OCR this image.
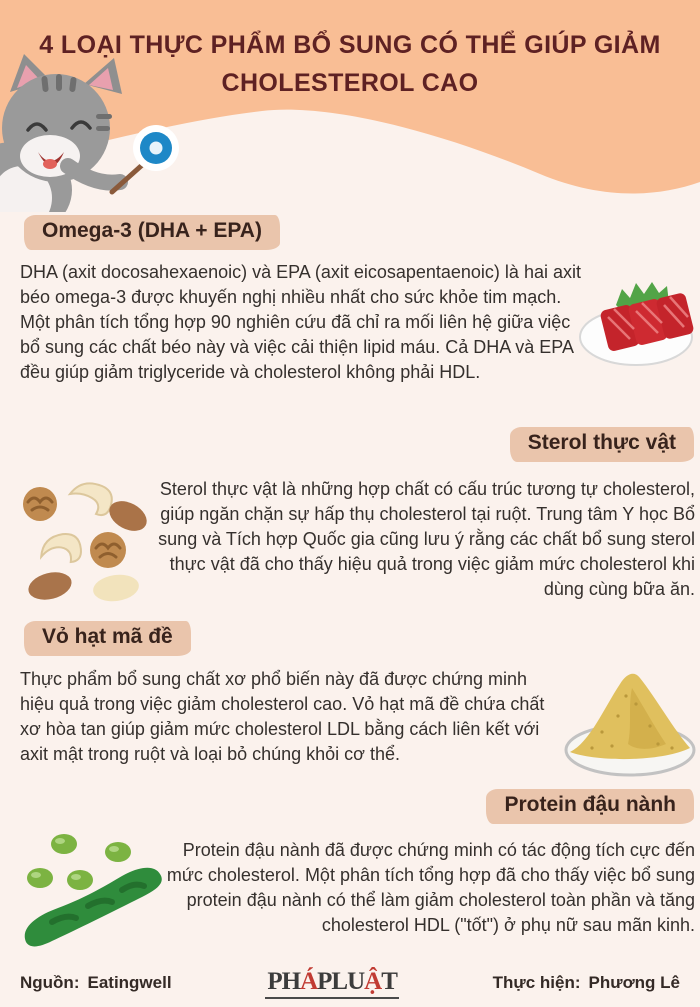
4 LOẠI THỰC PHẨM BỔ SUNG CÓ THỂ GIÚP GIẢM CHOLESTEROL CAO
Omega-3 (DHA + EPA)

DHA (axit docosahexaenoic) và EPA (axit eicosapentaenoic) là hai axit béo omega-3 được khuyến nghị nhiều nhất cho sức khỏe tim mạch. Một phân tích tổng hợp 90 nghiên cứu đã chỉ ra mối liên hệ giữa việc bổ sung các chất béo này và việc cải thiện lipid máu. Cả DHA và EPA đều giúp giảm triglyceride và cholesterol không phải HDL.

Sterol thực vật

Sterol thực vật là những hợp chất có cấu trúc tương tự cholesterol, giúp ngăn chặn sự hấp thụ cholesterol tại ruột. Trung tâm Y học Bổ sung và Tích hợp Quốc gia cũng lưu ý rằng các chất bổ sung sterol thực vật đã cho thấy hiệu quả trong việc giảm mức cholesterol khi dùng cùng bữa ăn.

Vỏ hạt mã đề

Thực phẩm bổ sung chất xơ phổ biến này đã được chứng minh hiệu quả trong việc giảm cholesterol cao. Vỏ hạt mã đề chứa chất xơ hòa tan giúp giảm mức cholesterol LDL bằng cách liên kết với axit mật trong ruột và loại bỏ chúng khỏi cơ thể.

Protein đậu nành

Protein đậu nành đã được chứng minh có tác động tích cực đến mức cholesterol. Một phân tích tổng hợp đã cho thấy việc bổ sung protein đậu nành có thể làm giảm cholesterol toàn phần và tăng cholesterol HDL ("tốt") ở phụ nữ sau mãn kinh.

Nguồn: Eatingwell	PHÁPLUẬT	Thực hiện: Phương Lê
